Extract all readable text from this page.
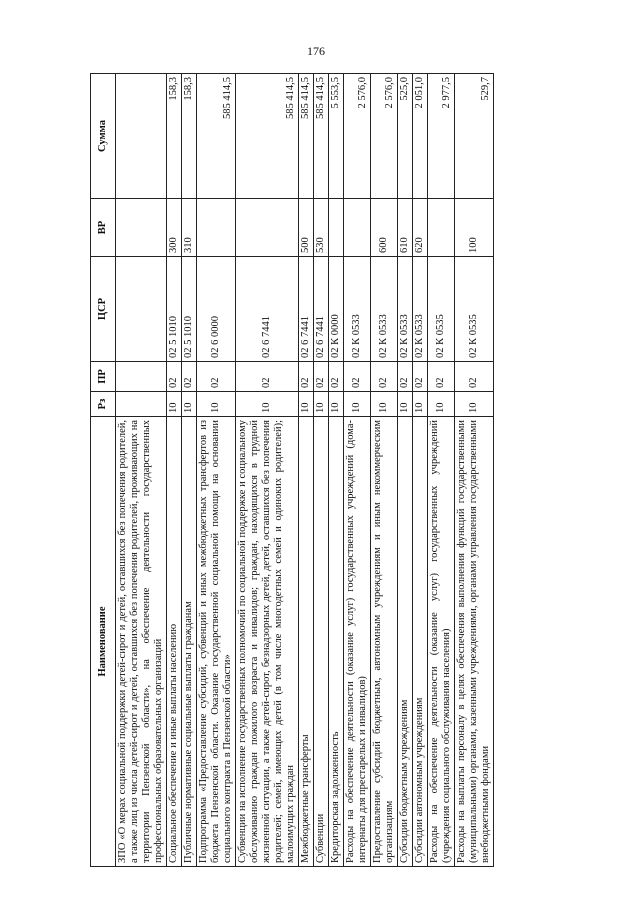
176
Наименование	Рз	ПР	ЦСР	ВР	Сумма
ЗПО «О мерах социальной поддержки детей-сирот и детей, оставшихся без попечения родителей, а также лиц из числа детей-сирот и детей, оставшихся без попечения родителей, проживающих на территории Пензенской области», на обеспечение деятельности государственных профессиональных образовательных организаций					
Социальное обеспечение и иные выплаты населению	10	02	02 5 1010	300	158,3
Публичные нормативные социальные выплаты гражданам	10	02	02 5 1010	310	158,3
Подпрограмма «Предоставление субсидий, субвенций и иных межбюджетных трансфертов из бюджета Пензенской области. Оказание государственной социальной помощи на основании социального контракта в Пензенской области»	10	02	02 6 0000		585 414,5
Субвенции на исполнение государственных полномочий по социальной поддержке и социальному обслуживанию граждан пожилого возраста и инвалидов; граждан, находящихся в трудной жизненной ситуации, а также детей-сирот, безнадзорных детей, детей, оставшихся без попечения родителей; семей, имеющих детей (в том числе многодетных семей и одиноких родителей); малоимущих граждан	10	02	02 6 7441		585 414,5
Межбюджетные трансферты	10	02	02 6 7441	500	585 414,5
Субвенции	10	02	02 6 7441	530	585 414,5
Кредиторская задолженность	10	02	02 К 0000		5 553,5
Расходы на обеспечение деятельности (оказание услуг) государственных учреждений (дома-интернаты для престарелых и инвалидов)	10	02	02 К 0533		2 576,0
Предоставление субсидий бюджетным, автономным учреждениям и иным некоммерческим организациям	10	02	02 К 0533	600	2 576,0
Субсидии бюджетным учреждениям	10	02	02 К 0533	610	525,0
Субсидии автономным учреждениям	10	02	02 К 0533	620	2 051,0
Расходы на обеспечение деятельности (оказание услуг) государственных учреждений (учреждения социального обслуживания населения)	10	02	02 К 0535		2 977,5
Расходы на выплаты персоналу в целях обеспечения выполнения функций государственными (муниципальными) органами, казенными учреждениями, органами управления государственными внебюджетными фондами	10	02	02 К 0535	100	529,7
